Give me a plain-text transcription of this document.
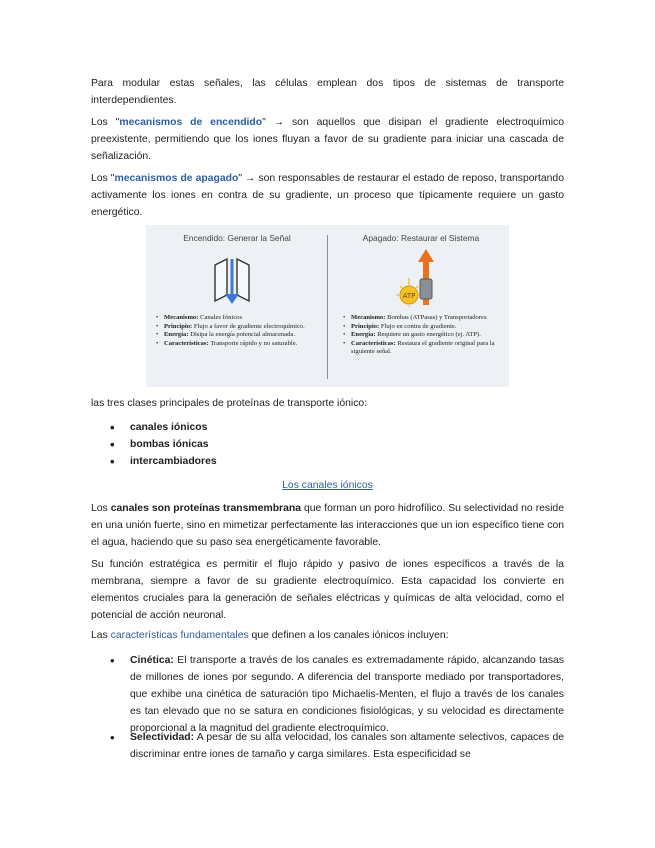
Para modular estas señales, las células emplean dos tipos de sistemas de transporte interdependientes.

Los "mecanismos de encendido" → son aquellos que disipan el gradiente electroquímico preexistente, permitiendo que los iones fluyan a favor de su gradiente para iniciar una cascada de señalización.

Los "mecanismos de apagado" → son responsables de restaurar el estado de reposo, transportando activamente los iones en contra de su gradiente, un proceso que típicamente requiere un gasto energético.

Encendido: Generar la Señal	Apagado: Restaurar el Sistema
ATP
• Mecanismo: Canales Iónicos
• Principio: Flujo a favor de gradiente electroquímico.
• Energía: Disipa la energía potencial almacenada.
• Características: Transporte rápido y no saturable.
• Mecanismo: Bombas (ATPasas) y Transportadores
• Principio: Flujo en contra de gradiente.
• Energía: Requiere un gasto energético (ej. ATP).
• Características: Restaura el gradiente original para la siguiente señal.

las tres clases principales de proteínas de transporte iónico:

• canales iónicos
• bombas iónicas
• intercambiadores

Los canales iónicos

Los canales son proteínas transmembrana que forman un poro hidrofílico. Su selectividad no reside en una unión fuerte, sino en mimetizar perfectamente las interacciones que un ion específico tiene con el agua, haciendo que su paso sea energéticamente favorable.

Su función estratégica es permitir el flujo rápido y pasivo de iones específicos a través de la membrana, siempre a favor de su gradiente electroquímico. Esta capacidad los convierte en elementos cruciales para la generación de señales eléctricas y químicas de alta velocidad, como el potencial de acción neuronal.

Las características fundamentales que definen a los canales iónicos incluyen:

• Cinética: El transporte a través de los canales es extremadamente rápido, alcanzando tasas de millones de iones por segundo. A diferencia del transporte mediado por transportadores, que exhibe una cinética de saturación tipo Michaelis-Menten, el flujo a través de los canales es tan elevado que no se satura en condiciones fisiológicas, y su velocidad es directamente proporcional a la magnitud del gradiente electroquímico.

• Selectividad: A pesar de su alta velocidad, los canales son altamente selectivos, capaces de discriminar entre iones de tamaño y carga similares. Esta especificidad se
